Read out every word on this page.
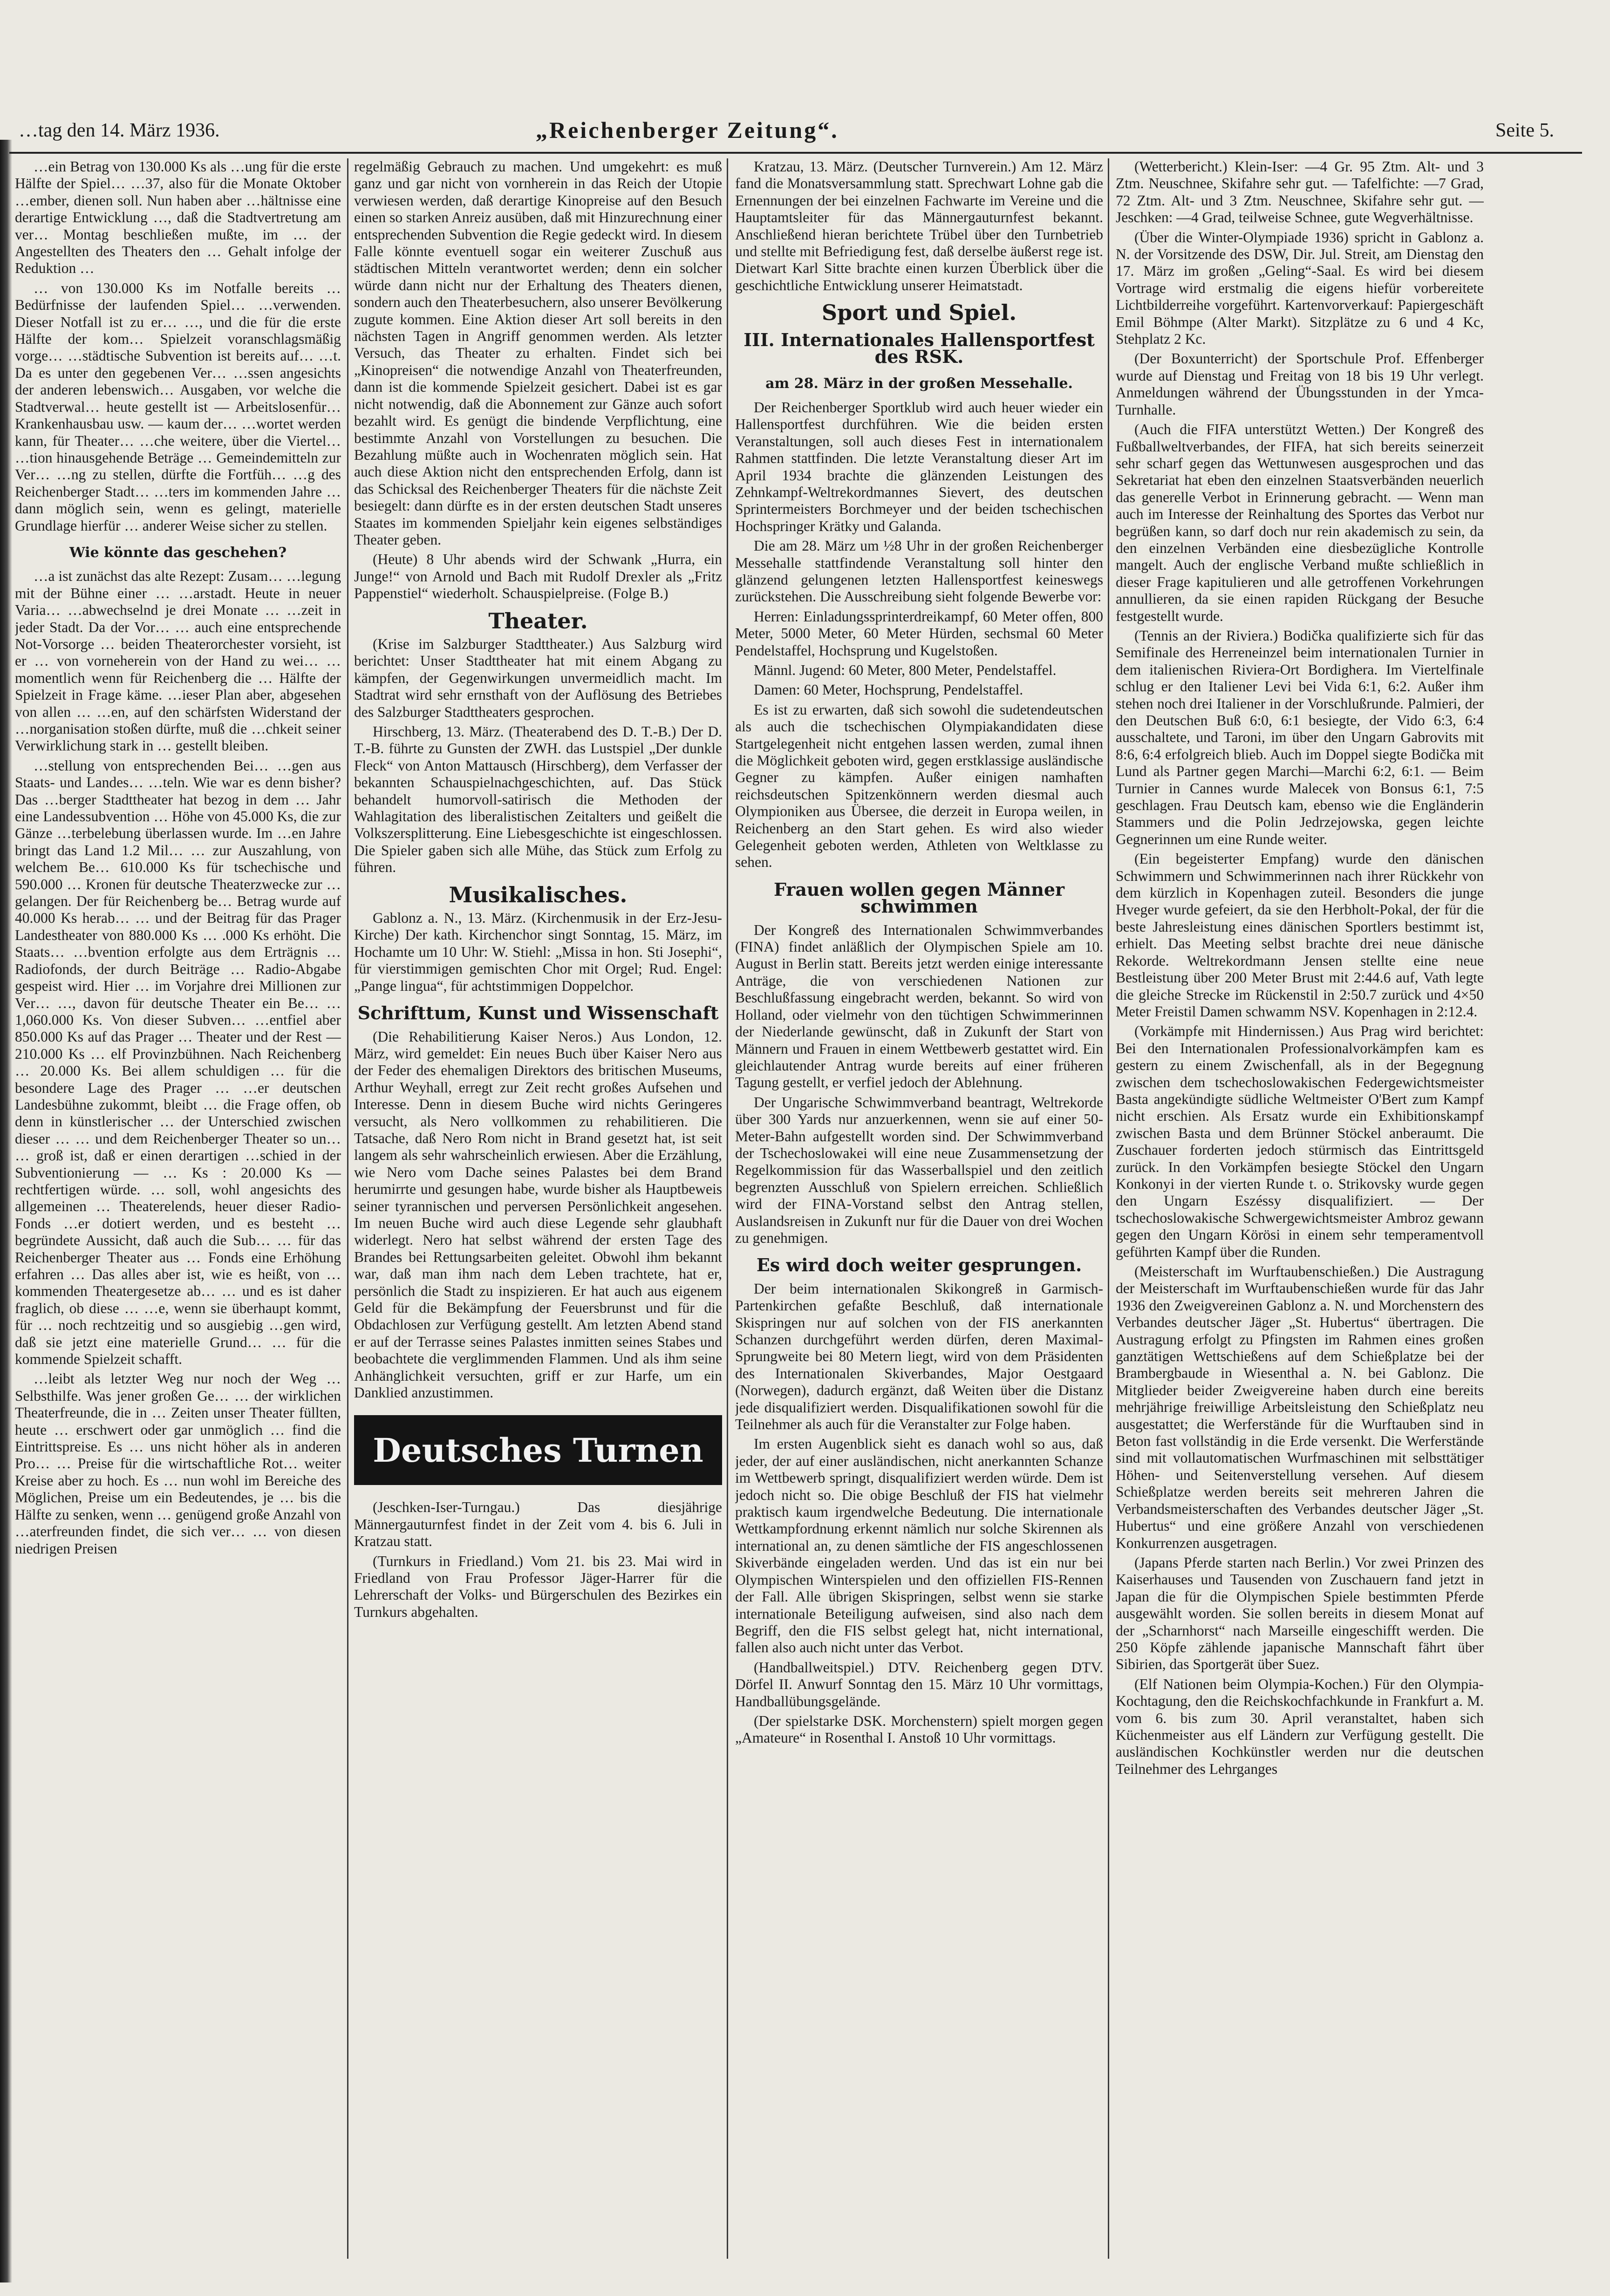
…tag den 14. März 1936.	„Reichenberger Zeitung“.	Seite 5.

…ein Betrag von 130.000 Ks als …ung für die erste Hälfte der Spiel… …37, also für die Monate Oktober …ember, dienen soll. Nun haben aber …hältnisse eine derartige Entwicklung …, daß die Stadtvertretung am ver… Montag beschließen mußte, im … der Angestellten des Theaters den … Gehalt infolge der Reduktion …

… von 130.000 Ks im Notfalle bereits … Bedürfnisse der laufenden Spiel… …verwenden. Dieser Notfall ist zu er… …, und die für die erste Hälfte der kom… Spielzeit voranschlagsmäßig vorge… …städtische Subvention ist bereits auf… …t. Da es unter den gegebenen Ver… …ssen angesichts der anderen lebenswich… Ausgaben, vor welche die Stadtverwal… heute gestellt ist — Arbeitslosenfür… Krankenhausbau usw. — kaum der… …wortet werden kann, für Theater… …che weitere, über die Viertel… …tion hinausgehende Beträge … Gemeindemitteln zur Ver… …ng zu stellen, dürfte die Fortfüh… …g des Reichenberger Stadt… …ters im kommenden Jahre … dann möglich sein, wenn es gelingt, materielle Grundlage hierfür … anderer Weise sicher zu stellen.

Wie könnte das geschehen?

…a ist zunächst das alte Rezept: Zusam… …legung mit der Bühne einer … …arstadt. Heute in neuer Varia… …abwechselnd je drei Monate … …zeit in jeder Stadt. Da der Vor… … auch eine entsprechende Not-Vorsorge … beiden Theaterorchester vorsieht, ist er … von vorneherein von der Hand zu wei… …momentlich wenn für Reichenberg die … Hälfte der Spielzeit in Frage käme. …ieser Plan aber, abgesehen von allen … …en, auf den schärfsten Widerstand der …norganisation stoßen dürfte, muß die …chkeit seiner Verwirklichung stark in … gestellt bleiben.

…stellung von entsprechenden Bei… …gen aus Staats- und Landes… …teln. Wie war es denn bisher? Das …berger Stadttheater hat bezog in dem … Jahr eine Landessubvention … Höhe von 45.000 Ks, die zur Gänze …terbelebung überlassen wurde. Im …en Jahre bringt das Land 1.2 Mil… … zur Auszahlung, von welchem Be… 610.000 Ks für tschechische und 590.000 … Kronen für deutsche Theaterzwecke zur … gelangen. Der für Reichenberg be… Betrag wurde auf 40.000 Ks herab… … und der Beitrag für das Prager Landestheater von 880.000 Ks … .000 Ks erhöht. Die Staats… …bvention erfolgte aus dem Erträgnis … Radiofonds, der durch Beiträge … Radio-Abgabe gespeist wird. Hier … im Vorjahre drei Millionen zur Ver… …, davon für deutsche Theater ein Be… … 1,060.000 Ks. Von dieser Subven… …entfiel aber 850.000 Ks auf das Prager … Theater und der Rest — 210.000 Ks … elf Provinzbühnen. Nach Reichenberg … 20.000 Ks. Bei allem schuldigen … für die besondere Lage des Prager … …er deutschen Landesbühne zukommt, bleibt … die Frage offen, ob denn in künstlerischer … der Unterschied zwischen dieser … … und dem Reichenberger Theater so un… … groß ist, daß er einen derartigen …schied in der Subventionierung — … Ks : 20.000 Ks — rechtfertigen würde. … soll, wohl angesichts des allgemeinen … Theaterelends, heuer dieser Radio-Fonds …er dotiert werden, und es besteht … begründete Aussicht, daß auch die Sub… … für das Reichenberger Theater aus … Fonds eine Erhöhung erfahren … Das alles aber ist, wie es heißt, von …kommenden Theatergesetze ab… … und es ist daher fraglich, ob diese … …e, wenn sie überhaupt kommt, für … noch rechtzeitig und so ausgiebig …gen wird, daß sie jetzt eine materielle Grund… … für die kommende Spielzeit schafft.

…leibt als letzter Weg nur noch der Weg …Selbsthilfe. Was jener großen Ge… … der wirklichen Theaterfreunde, die in … Zeiten unser Theater füllten, heute … erschwert oder gar unmöglich … find die Eintrittspreise. Es … uns nicht höher als in anderen Pro… … Preise für die wirtschaftliche Rot… weiter Kreise aber zu hoch. Es … nun wohl im Bereiche des Möglichen, Preise um ein Bedeutendes, je … bis die Hälfte zu senken, wenn … genügend große Anzahl von …aterfreunden findet, die sich ver… … von diesen niedrigen Preisen

regelmäßig Gebrauch zu machen. Und umgekehrt: es muß ganz und gar nicht von vornherein in das Reich der Utopie verwiesen werden, daß derartige Kinopreise auf den Besuch einen so starken Anreiz ausüben, daß mit Hinzurechnung einer entsprechenden Subvention die Regie gedeckt wird. In diesem Falle könnte eventuell sogar ein weiterer Zuschuß aus städtischen Mitteln verantwortet werden; denn ein solcher würde dann nicht nur der Erhaltung des Theaters dienen, sondern auch den Theaterbesuchern, also unserer Bevölkerung zugute kommen. Eine Aktion dieser Art soll bereits in den nächsten Tagen in Angriff genommen werden. Als letzter Versuch, das Theater zu erhalten. Findet sich bei „Kinopreisen“ die notwendige Anzahl von Theaterfreunden, dann ist die kommende Spielzeit gesichert. Dabei ist es gar nicht notwendig, daß die Abonnement zur Gänze auch sofort bezahlt wird. Es genügt die bindende Verpflichtung, eine bestimmte Anzahl von Vorstellungen zu besuchen. Die Bezahlung müßte auch in Wochenraten möglich sein. Hat auch diese Aktion nicht den entsprechenden Erfolg, dann ist das Schicksal des Reichenberger Theaters für die nächste Zeit besiegelt: dann dürfte es in der ersten deutschen Stadt unseres Staates im kommenden Spieljahr kein eigenes selbständiges Theater geben.

(Heute) 8 Uhr abends wird der Schwank „Hurra, ein Junge!“ von Arnold und Bach mit Rudolf Drexler als „Fritz Pappenstiel“ wiederholt. Schauspielpreise. (Folge B.)

Theater.

(Krise im Salzburger Stadttheater.) Aus Salzburg wird berichtet: Unser Stadttheater hat mit einem Abgang zu kämpfen, der Gegenwirkungen unvermeidlich macht. Im Stadtrat wird sehr ernsthaft von der Auflösung des Betriebes des Salzburger Stadttheaters gesprochen.

Hirschberg, 13. März. (Theaterabend des D. T.-B.) Der D. T.-B. führte zu Gunsten der ZWH. das Lustspiel „Der dunkle Fleck“ von Anton Mattausch (Hirschberg), dem Verfasser der bekannten Schauspielnachgeschichten, auf. Das Stück behandelt humorvoll-satirisch die Methoden der Wahlagitation des liberalistischen Zeitalters und geißelt die Volkszersplitterung. Eine Liebesgeschichte ist eingeschlossen. Die Spieler gaben sich alle Mühe, das Stück zum Erfolg zu führen.

Musikalisches.

Gablonz a. N., 13. März. (Kirchenmusik in der Erz-Jesu-Kirche) Der kath. Kirchenchor singt Sonntag, 15. März, im Hochamte um 10 Uhr: W. Stiehl: „Missa in hon. Sti Josephi“, für vierstimmigen gemischten Chor mit Orgel; Rud. Engel: „Pange lingua“, für achtstimmigen Doppelchor.

Schrifttum, Kunst und Wissenschaft

(Die Rehabilitierung Kaiser Neros.) Aus London, 12. März, wird gemeldet: Ein neues Buch über Kaiser Nero aus der Feder des ehemaligen Direktors des britischen Museums, Arthur Weyhall, erregt zur Zeit recht großes Aufsehen und Interesse. Denn in diesem Buche wird nichts Geringeres versucht, als Nero vollkommen zu rehabilitieren. Die Tatsache, daß Nero Rom nicht in Brand gesetzt hat, ist seit langem als sehr wahrscheinlich erwiesen. Aber die Erzählung, wie Nero vom Dache seines Palastes bei dem Brand herumirrte und gesungen habe, wurde bisher als Hauptbeweis seiner tyrannischen und perversen Persönlichkeit angesehen. Im neuen Buche wird auch diese Legende sehr glaubhaft widerlegt. Nero hat selbst während der ersten Tage des Brandes bei Rettungsarbeiten geleitet. Obwohl ihm bekannt war, daß man ihm nach dem Leben trachtete, hat er, persönlich die Stadt zu inspizieren. Er hat auch aus eigenem Geld für die Bekämpfung der Feuersbrunst und für die Obdachlosen zur Verfügung gestellt. Am letzten Abend stand er auf der Terrasse seines Palastes inmitten seines Stabes und beobachtete die verglimmenden Flammen. Und als ihm seine Anhänglichkeit versuchten, griff er zur Harfe, um ein Danklied anzustimmen.

Deutsches Turnen

(Jeschken-Iser-Turngau.) Das diesjährige Männergauturnfest findet in der Zeit vom 4. bis 6. Juli in Kratzau statt.

(Turnkurs in Friedland.) Vom 21. bis 23. Mai wird in Friedland von Frau Professor Jäger-Harrer für die Lehrerschaft der Volks- und Bürgerschulen des Bezirkes ein Turnkurs abgehalten.

Kratzau, 13. März. (Deutscher Turnverein.) Am 12. März fand die Monatsversammlung statt. Sprechwart Lohne gab die Ernennungen der bei einzelnen Fachwarte im Vereine und die Hauptamtsleiter für das Männergauturnfest bekannt. Anschließend hieran berichtete Trübel über den Turnbetrieb und stellte mit Befriedigung fest, daß derselbe äußerst rege ist. Dietwart Karl Sitte brachte einen kurzen Überblick über die geschichtliche Entwicklung unserer Heimatstadt.

Sport und Spiel.

III. Internationales Hallensportfest des RSK.

am 28. März in der großen Messehalle.

Der Reichenberger Sportklub wird auch heuer wieder ein Hallensportfest durchführen. Wie die beiden ersten Veranstaltungen, soll auch dieses Fest in internationalem Rahmen stattfinden. Die letzte Veranstaltung dieser Art im April 1934 brachte die glänzenden Leistungen des Zehnkampf-Weltrekordmannes Sievert, des deutschen Sprintermeisters Borchmeyer und der beiden tschechischen Hochspringer Krätky und Galanda.

Die am 28. März um ½8 Uhr in der großen Reichenberger Messehalle stattfindende Veranstaltung soll hinter den glänzend gelungenen letzten Hallensportfest keineswegs zurückstehen. Die Ausschreibung sieht folgende Bewerbe vor:

Herren: Einladungssprinterdreikampf, 60 Meter offen, 800 Meter, 5000 Meter, 60 Meter Hürden, sechsmal 60 Meter Pendelstaffel, Hochsprung und Kugelstoßen.

Männl. Jugend: 60 Meter, 800 Meter, Pendelstaffel.

Damen: 60 Meter, Hochsprung, Pendelstaffel.

Es ist zu erwarten, daß sich sowohl die sudetendeutschen als auch die tschechischen Olympiakandidaten diese Startgelegenheit nicht entgehen lassen werden, zumal ihnen die Möglichkeit geboten wird, gegen erstklassige ausländische Gegner zu kämpfen. Außer einigen namhaften reichsdeutschen Spitzenkönnern werden diesmal auch Olympioniken aus Übersee, die derzeit in Europa weilen, in Reichenberg an den Start gehen. Es wird also wieder Gelegenheit geboten werden, Athleten von Weltklasse zu sehen.

Frauen wollen gegen Männer schwimmen

Der Kongreß des Internationalen Schwimmverbandes (FINA) findet anläßlich der Olympischen Spiele am 10. August in Berlin statt. Bereits jetzt werden einige interessante Anträge, die von verschiedenen Nationen zur Beschlußfassung eingebracht werden, bekannt. So wird von Holland, oder vielmehr von den tüchtigen Schwimmerinnen der Niederlande gewünscht, daß in Zukunft der Start von Männern und Frauen in einem Wettbewerb gestattet wird. Ein gleichlautender Antrag wurde bereits auf einer früheren Tagung gestellt, er verfiel jedoch der Ablehnung.

Der Ungarische Schwimmverband beantragt, Weltrekorde über 300 Yards nur anzuerkennen, wenn sie auf einer 50-Meter-Bahn aufgestellt worden sind. Der Schwimmverband der Tschechoslowakei will eine neue Zusammensetzung der Regelkommission für das Wasserballspiel und den zeitlich begrenzten Ausschluß von Spielern erreichen. Schließlich wird der FINA-Vorstand selbst den Antrag stellen, Auslandsreisen in Zukunft nur für die Dauer von drei Wochen zu genehmigen.

Es wird doch weiter gesprungen.

Der beim internationalen Skikongreß in Garmisch-Partenkirchen gefaßte Beschluß, daß internationale Skispringen nur auf solchen von der FIS anerkannten Schanzen durchgeführt werden dürfen, deren Maximal-Sprungweite bei 80 Metern liegt, wird von dem Präsidenten des Internationalen Skiverbandes, Major Oestgaard (Norwegen), dadurch ergänzt, daß Weiten über die Distanz jede disqualifiziert werden. Disqualifikationen sowohl für die Teilnehmer als auch für die Veranstalter zur Folge haben.

Im ersten Augenblick sieht es danach wohl so aus, daß jeder, der auf einer ausländischen, nicht anerkannten Schanze im Wettbewerb springt, disqualifiziert werden würde. Dem ist jedoch nicht so. Die obige Beschluß der FIS hat vielmehr praktisch kaum irgendwelche Bedeutung. Die internationale Wettkampfordnung erkennt nämlich nur solche Skirennen als international an, zu denen sämtliche der FIS angeschlossenen Skiverbände eingeladen werden. Und das ist ein nur bei Olympischen Winterspielen und den offiziellen FIS-Rennen der Fall. Alle übrigen Skispringen, selbst wenn sie starke internationale Beteiligung aufweisen, sind also nach dem Begriff, den die FIS selbst gelegt hat, nicht international, fallen also auch nicht unter das Verbot.

(Handballweitspiel.) DTV. Reichenberg gegen DTV. Dörfel II. Anwurf Sonntag den 15. März 10 Uhr vormittags, Handballübungsgelände.

(Der spielstarke DSK. Morchenstern) spielt morgen gegen „Amateure“ in Rosenthal I. Anstoß 10 Uhr vormittags.

(Wetterbericht.) Klein-Iser: —4 Gr. 95 Ztm. Alt- und 3 Ztm. Neuschnee, Skifahre sehr gut. — Tafelfichte: —7 Grad, 72 Ztm. Alt- und 3 Ztm. Neuschnee, Skifahre sehr gut. — Jeschken: —4 Grad, teilweise Schnee, gute Wegverhältnisse.

(Über die Winter-Olympiade 1936) spricht in Gablonz a. N. der Vorsitzende des DSW, Dir. Jul. Streit, am Dienstag den 17. März im großen „Geling“-Saal. Es wird bei diesem Vortrage wird erstmalig die eigens hiefür vorbereitete Lichtbilderreihe vorgeführt. Kartenvorverkauf: Papiergeschäft Emil Böhmpe (Alter Markt). Sitzplätze zu 6 und 4 Kc, Stehplatz 2 Kc.

(Der Boxunterricht) der Sportschule Prof. Effenberger wurde auf Dienstag und Freitag von 18 bis 19 Uhr verlegt. Anmeldungen während der Übungsstunden in der Ymca-Turnhalle.

(Auch die FIFA unterstützt Wetten.) Der Kongreß des Fußballweltverbandes, der FIFA, hat sich bereits seinerzeit sehr scharf gegen das Wettunwesen ausgesprochen und das Sekretariat hat eben den einzelnen Staatsverbänden neuerlich das generelle Verbot in Erinnerung gebracht. — Wenn man auch im Interesse der Reinhaltung des Sportes das Verbot nur begrüßen kann, so darf doch nur rein akademisch zu sein, da den einzelnen Verbänden eine diesbezügliche Kontrolle mangelt. Auch der englische Verband mußte schließlich in dieser Frage kapitulieren und alle getroffenen Vorkehrungen annullieren, da sie einen rapiden Rückgang der Besuche festgestellt wurde.

(Tennis an der Riviera.) Bodička qualifizierte sich für das Semifinale des Herreneinzel beim internationalen Turnier in dem italienischen Riviera-Ort Bordighera. Im Viertelfinale schlug er den Italiener Levi bei Vida 6:1, 6:2. Außer ihm stehen noch drei Italiener in der Vorschlußrunde. Palmieri, der den Deutschen Buß 6:0, 6:1 besiegte, der Vido 6:3, 6:4 ausschaltete, und Taroni, im über den Ungarn Gabrovits mit 8:6, 6:4 erfolgreich blieb. Auch im Doppel siegte Bodička mit Lund als Partner gegen Marchi—Marchi 6:2, 6:1. — Beim Turnier in Cannes wurde Malecek von Bonsus 6:1, 7:5 geschlagen. Frau Deutsch kam, ebenso wie die Engländerin Stammers und die Polin Jedrzejowska, gegen leichte Gegnerinnen um eine Runde weiter.

(Ein begeisterter Empfang) wurde den dänischen Schwimmern und Schwimmerinnen nach ihrer Rückkehr von dem kürzlich in Kopenhagen zuteil. Besonders die junge Hveger wurde gefeiert, da sie den Herbholt-Pokal, der für die beste Jahresleistung eines dänischen Sportlers bestimmt ist, erhielt. Das Meeting selbst brachte drei neue dänische Rekorde. Weltrekordmann Jensen stellte eine neue Bestleistung über 200 Meter Brust mit 2:44.6 auf, Vath legte die gleiche Strecke im Rückenstil in 2:50.7 zurück und 4×50 Meter Freistil Damen schwamm NSV. Kopenhagen in 2:12.4.

(Vorkämpfe mit Hindernissen.) Aus Prag wird berichtet: Bei den Internationalen Professionalvorkämpfen kam es gestern zu einem Zwischenfall, als in der Begegnung zwischen dem tschechoslowakischen Federgewichtsmeister Basta angekündigte südliche Weltmeister O'Bert zum Kampf nicht erschien. Als Ersatz wurde ein Exhibitionskampf zwischen Basta und dem Brünner Stöckel anberaumt. Die Zuschauer forderten jedoch stürmisch das Eintrittsgeld zurück. In den Vorkämpfen besiegte Stöckel den Ungarn Konkonyi in der vierten Runde t. o. Strikovsky wurde gegen den Ungarn Eszéssy disqualifiziert. — Der tschechoslowakische Schwergewichtsmeister Ambroz gewann gegen den Ungarn Körösi in einem sehr temperamentvoll geführten Kampf über die Runden.

(Meisterschaft im Wurftaubenschießen.) Die Austragung der Meisterschaft im Wurftaubenschießen wurde für das Jahr 1936 den Zweigvereinen Gablonz a. N. und Morchenstern des Verbandes deutscher Jäger „St. Hubertus“ übertragen. Die Austragung erfolgt zu Pfingsten im Rahmen eines großen ganztätigen Wettschießens auf dem Schießplatze bei der Brambergbaude in Wiesenthal a. N. bei Gablonz. Die Mitglieder beider Zweigvereine haben durch eine bereits mehrjährige freiwillige Arbeitsleistung den Schießplatz neu ausgestattet; die Werferstände für die Wurftauben sind in Beton fast vollständig in die Erde versenkt. Die Werferstände sind mit vollautomatischen Wurfmaschinen mit selbsttätiger Höhen- und Seitenverstellung versehen. Auf diesem Schießplatze werden bereits seit mehreren Jahren die Verbandsmeisterschaften des Verbandes deutscher Jäger „St. Hubertus“ und eine größere Anzahl von verschiedenen Konkurrenzen ausgetragen.

(Japans Pferde starten nach Berlin.) Vor zwei Prinzen des Kaiserhauses und Tausenden von Zuschauern fand jetzt in Japan die für die Olympischen Spiele bestimmten Pferde ausgewählt worden. Sie sollen bereits in diesem Monat auf der „Scharnhorst“ nach Marseille eingeschifft werden. Die 250 Köpfe zählende japanische Mannschaft fährt über Sibirien, das Sportgerät über Suez.

(Elf Nationen beim Olympia-Kochen.) Für den Olympia-Kochtagung, den die Reichskochfachkunde in Frankfurt a. M. vom 6. bis zum 30. April veranstaltet, haben sich Küchenmeister aus elf Ländern zur Verfügung gestellt. Die ausländischen Kochkünstler werden nur die deutschen Teilnehmer des Lehrganges
